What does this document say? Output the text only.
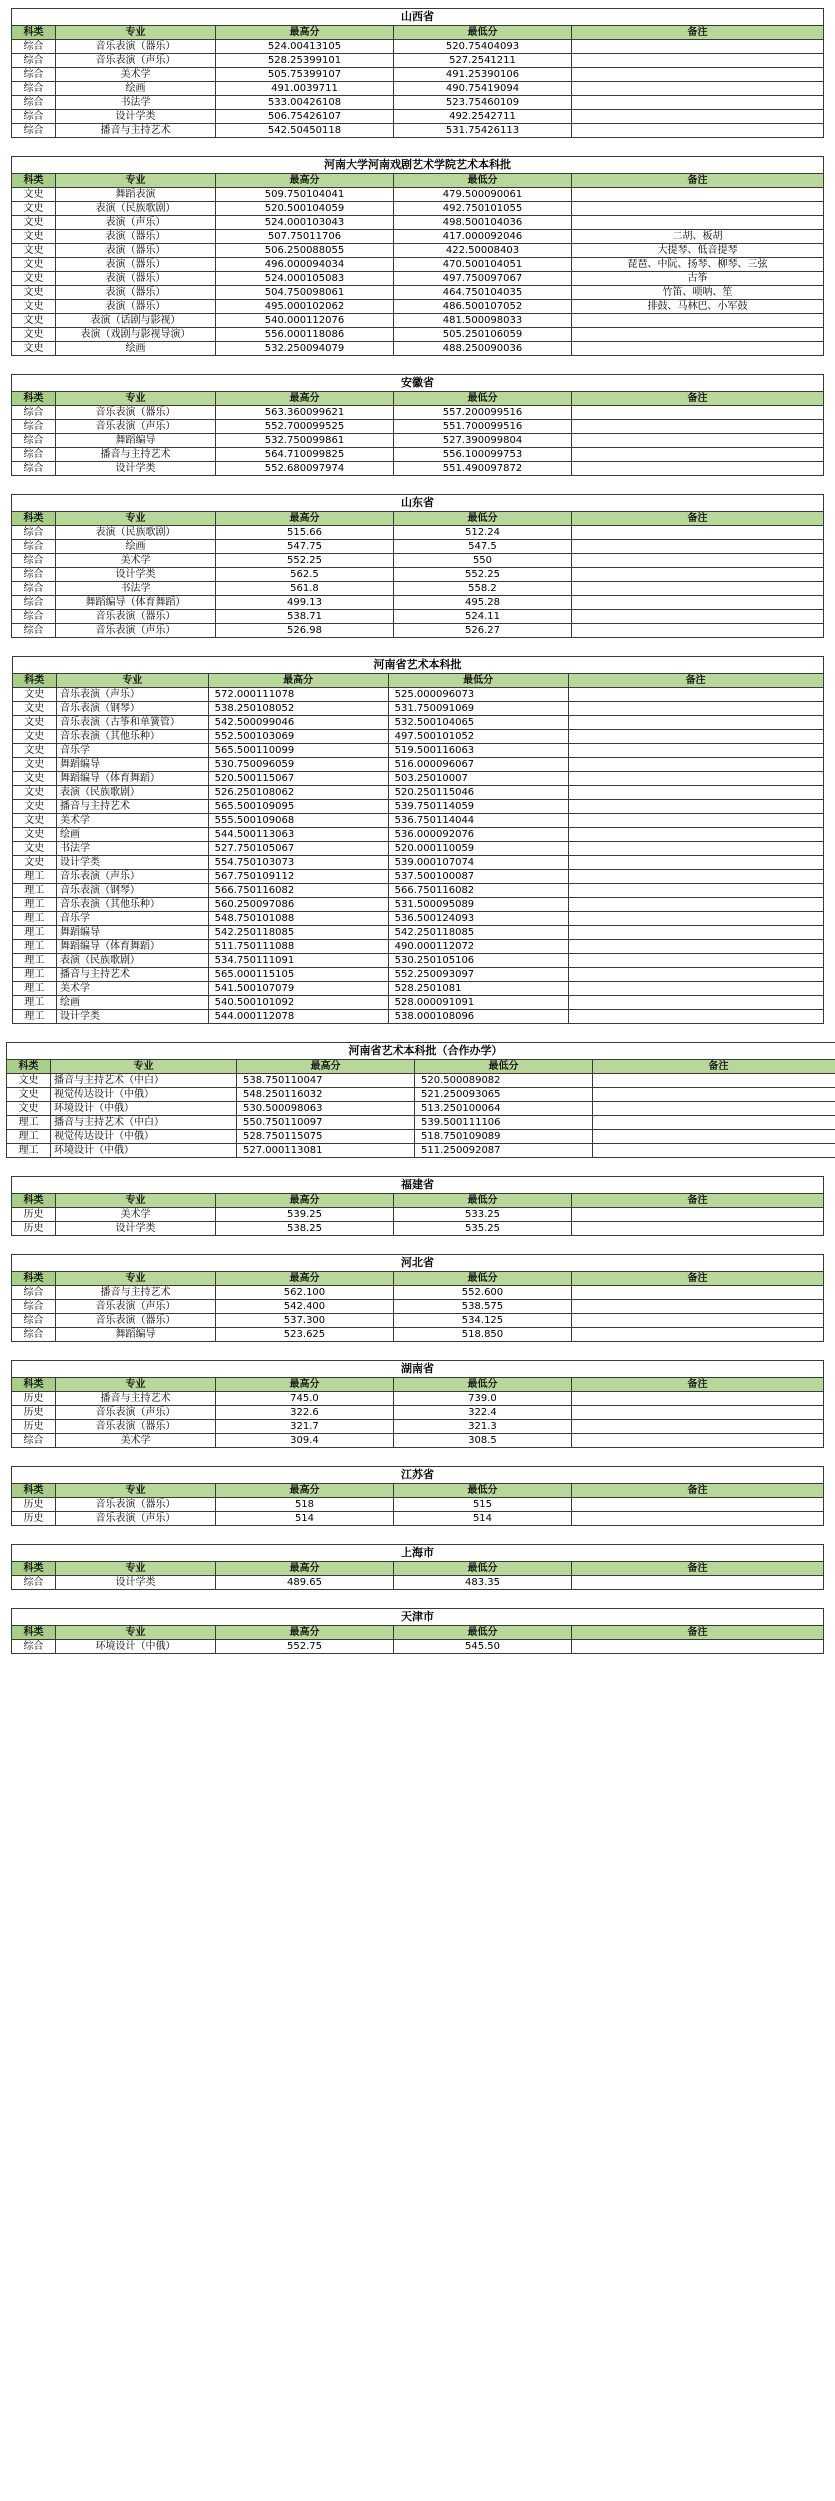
山西省				
科类	专业	最高分	最低分	备注
综合	音乐表演（器乐）	524.00413105	520.75404093	
综合	音乐表演（声乐）	528.25399101	527.2541211	
综合	美术学	505.75399107	491.25390106	
综合	绘画	491.0039711	490.75419094	
综合	书法学	533.00426108	523.75460109	
综合	设计学类	506.75426107	492.2542711	
综合	播音与主持艺术	542.50450118	531.75426113	
河南大学河南戏剧艺术学院艺术本科批				
科类	专业	最高分	最低分	备注
文史	舞蹈表演	509.750104041	479.500090061	
文史	表演（民族歌剧）	520.500104059	492.750101055	
文史	表演（声乐）	524.000103043	498.500104036	
文史	表演（器乐）	507.75011706	417.000092046	二胡、板胡
文史	表演（器乐）	506.250088055	422.50008403	大提琴、低音提琴
文史	表演（器乐）	496.000094034	470.500104051	琵琶、中阮、扬琴、柳琴、三弦
文史	表演（器乐）	524.000105083	497.750097067	古筝
文史	表演（器乐）	504.750098061	464.750104035	竹笛、唢呐、笙
文史	表演（器乐）	495.000102062	486.500107052	排鼓、马林巴、小军鼓
文史	表演（话剧与影视）	540.000112076	481.500098033	
文史	表演（戏剧与影视导演）	556.000118086	505.250106059	
文史	绘画	532.250094079	488.250090036	
安徽省				
科类	专业	最高分	最低分	备注
综合	音乐表演（器乐）	563.360099621	557.200099516	
综合	音乐表演（声乐）	552.700099525	551.700099516	
综合	舞蹈编导	532.750099861	527.390099804	
综合	播音与主持艺术	564.710099825	556.100099753	
综合	设计学类	552.680097974	551.490097872	
山东省				
科类	专业	最高分	最低分	备注
综合	表演（民族歌剧）	515.66	512.24	
综合	绘画	547.75	547.5	
综合	美术学	552.25	550	
综合	设计学类	562.5	552.25	
综合	书法学	561.8	558.2	
综合	舞蹈编导（体育舞蹈）	499.13	495.28	
综合	音乐表演（器乐）	538.71	524.11	
综合	音乐表演（声乐）	526.98	526.27	
河南省艺术本科批				
科类	专业	最高分	最低分	备注
文史	音乐表演（声乐）	572.000111078	525.000096073	
文史	音乐表演（钢琴）	538.250108052	531.750091069	
文史	音乐表演（古筝和单簧管）	542.500099046	532.500104065	
文史	音乐表演（其他乐种）	552.500103069	497.500101052	
文史	音乐学	565.500110099	519.500116063	
文史	舞蹈编导	530.750096059	516.000096067	
文史	舞蹈编导（体育舞蹈）	520.500115067	503.25010007	
文史	表演（民族歌剧）	526.250108062	520.250115046	
文史	播音与主持艺术	565.500109095	539.750114059	
文史	美术学	555.500109068	536.750114044	
文史	绘画	544.500113063	536.000092076	
文史	书法学	527.750105067	520.000110059	
文史	设计学类	554.750103073	539.000107074	
理工	音乐表演（声乐）	567.750109112	537.500100087	
理工	音乐表演（钢琴）	566.750116082	566.750116082	
理工	音乐表演（其他乐种）	560.250097086	531.500095089	
理工	音乐学	548.750101088	536.500124093	
理工	舞蹈编导	542.250118085	542.250118085	
理工	舞蹈编导（体育舞蹈）	511.750111088	490.000112072	
理工	表演（民族歌剧）	534.750111091	530.250105106	
理工	播音与主持艺术	565.000115105	552.250093097	
理工	美术学	541.500107079	528.2501081	
理工	绘画	540.500101092	528.000091091	
理工	设计学类	544.000112078	538.000108096	
河南省艺术本科批（合作办学）				
科类	专业	最高分	最低分	备注
文史	播音与主持艺术（中白）	538.750110047	520.500089082	
文史	视觉传达设计（中俄）	548.250116032	521.250093065	
文史	环境设计（中俄）	530.500098063	513.250100064	
理工	播音与主持艺术（中白）	550.750110097	539.500111106	
理工	视觉传达设计（中俄）	528.750115075	518.750109089	
理工	环境设计（中俄）	527.000113081	511.250092087	
福建省				
科类	专业	最高分	最低分	备注
历史	美术学	539.25	533.25	
历史	设计学类	538.25	535.25	
河北省				
科类	专业	最高分	最低分	备注
综合	播音与主持艺术	562.100	552.600	
综合	音乐表演（声乐）	542.400	538.575	
综合	音乐表演（器乐）	537.300	534.125	
综合	舞蹈编导	523.625	518.850	
湖南省				
科类	专业	最高分	最低分	备注
历史	播音与主持艺术	745.0	739.0	
历史	音乐表演（声乐）	322.6	322.4	
历史	音乐表演（器乐）	321.7	321.3	
综合	美术学	309.4	308.5	
江苏省				
科类	专业	最高分	最低分	备注
历史	音乐表演（器乐）	518	515	
历史	音乐表演（声乐）	514	514	
上海市				
科类	专业	最高分	最低分	备注
综合	设计学类	489.65	483.35	
天津市				
科类	专业	最高分	最低分	备注
综合	环境设计（中俄）	552.75	545.50	
